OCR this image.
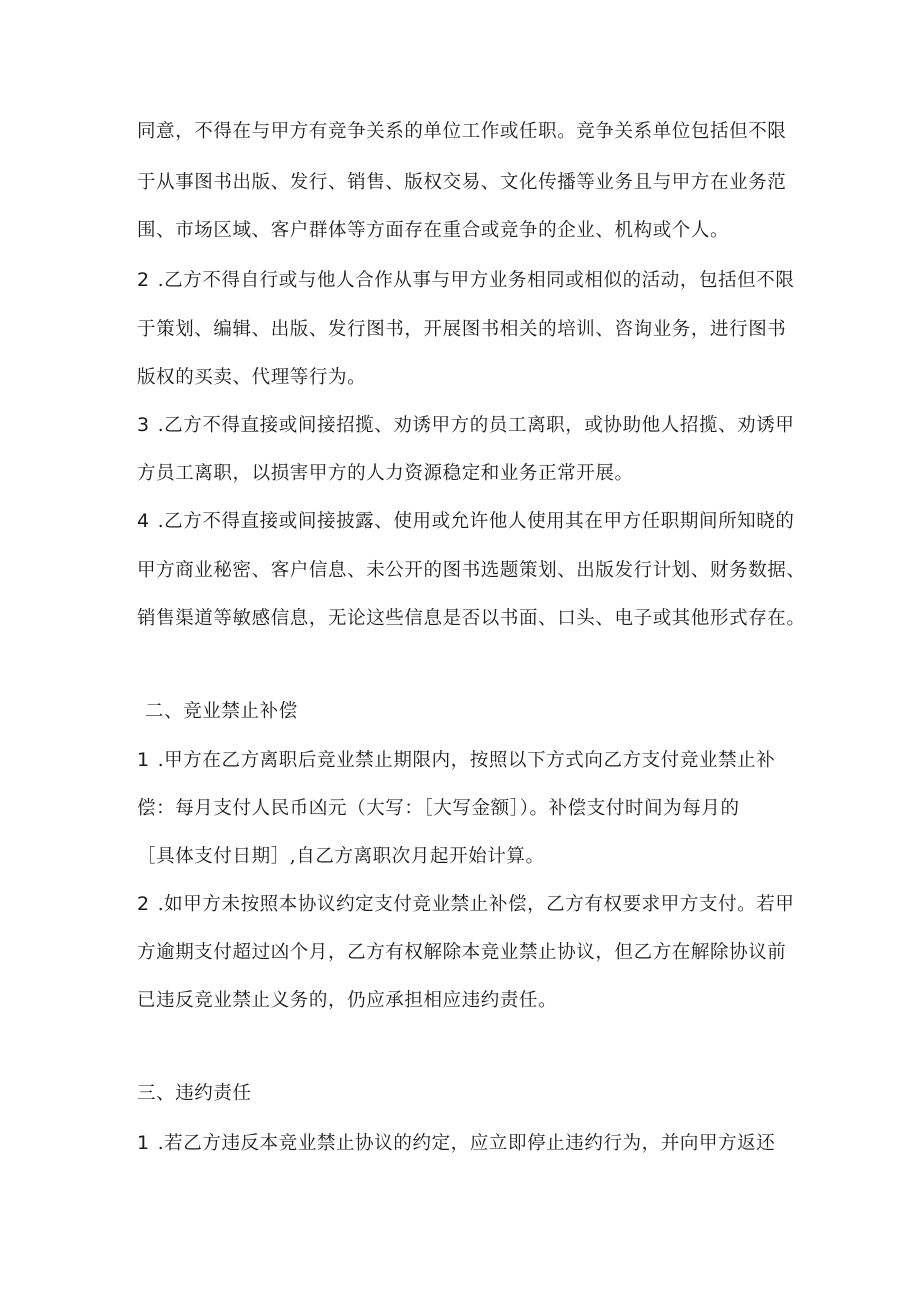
同意，不得在与甲方有竞争关系的单位工作或任职。竞争关系单位包括但不限
于从事图书出版、发行、销售、版权交易、文化传播等业务且与甲方在业务范
围、市场区域、客户群体等方面存在重合或竞争的企业、机构或个人。
2 .乙方不得自行或与他人合作从事与甲方业务相同或相似的活动，包括但不限
于策划、编辑、出版、发行图书，开展图书相关的培训、咨询业务，进行图书
版权的买卖、代理等行为。
3 .乙方不得直接或间接招揽、劝诱甲方的员工离职，或协助他人招揽、劝诱甲
方员工离职，以损害甲方的人力资源稳定和业务正常开展。
4 .乙方不得直接或间接披露、使用或允许他人使用其在甲方任职期间所知晓的
甲方商业秘密、客户信息、未公开的图书选题策划、出版发行计划、财务数据、
销售渠道等敏感信息，无论这些信息是否以书面、口头、电子或其他形式存在。
二、竞业禁止补偿
1 .甲方在乙方离职后竞业禁止期限内，按照以下方式向乙方支付竞业禁止补
偿：每月支付人民币凶元（大写：［大写金额］）。补偿支付时间为每月的
［具体支付日期］,自乙方离职次月起开始计算。
2 .如甲方未按照本协议约定支付竞业禁止补偿，乙方有权要求甲方支付。若甲
方逾期支付超过凶个月，乙方有权解除本竞业禁止协议，但乙方在解除协议前
已违反竞业禁止义务的，仍应承担相应违约责任。
三、违约责任
1 .若乙方违反本竞业禁止协议的约定，应立即停止违约行为，并向甲方返还
